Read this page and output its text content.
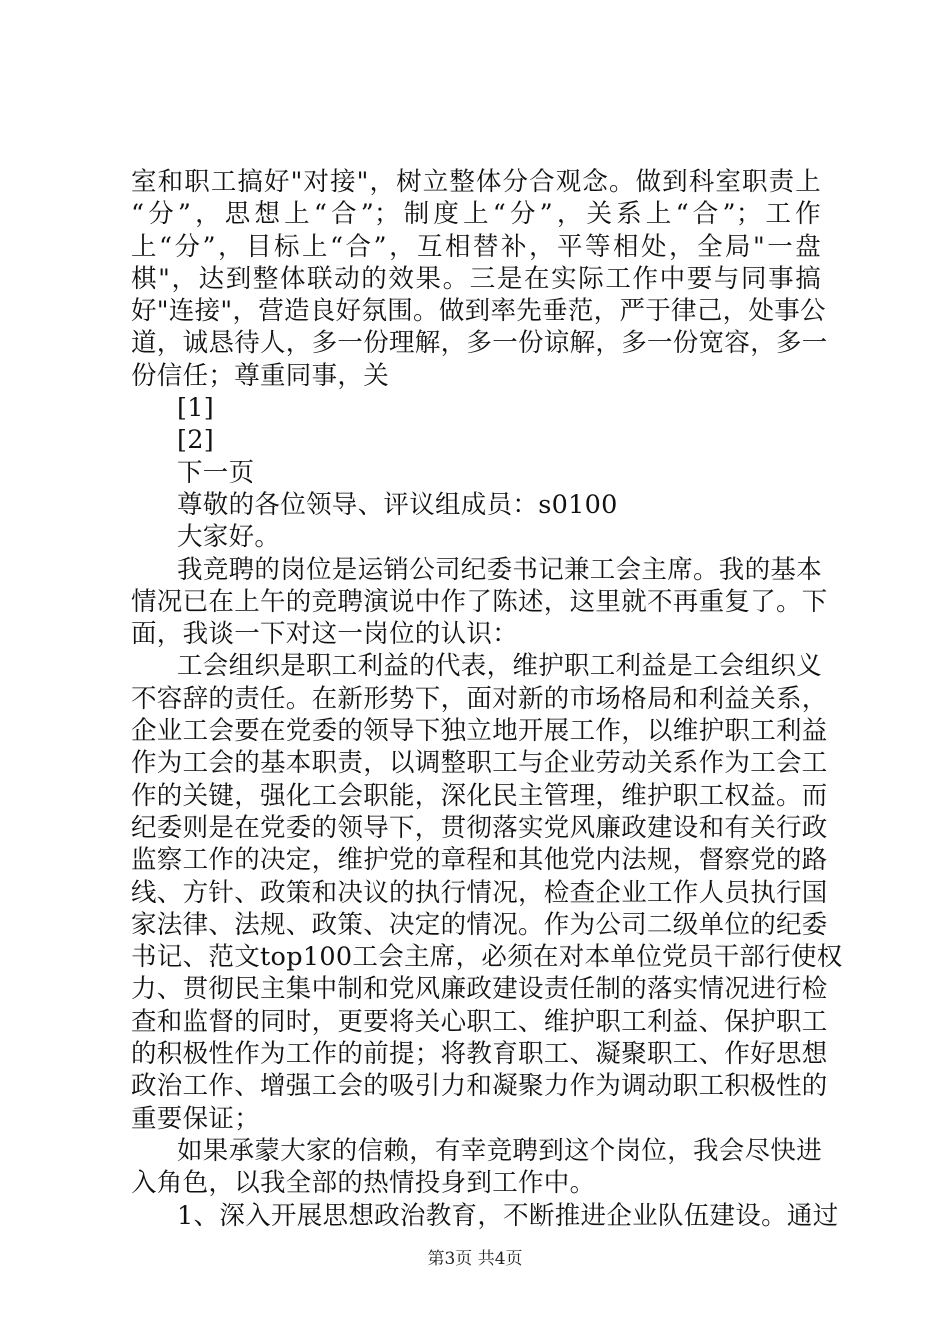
室和职工搞好"对接"，树立整体分合观念。做到科室职责上
“分”，思想上“合”；制度上“分”，关系上“合”；工作
上“分”，目标上“合”，互相替补，平等相处，全局"一盘
棋"，达到整体联动的效果。三是在实际工作中要与同事搞
好"连接"，营造良好氛围。做到率先垂范，严于律己，处事公
道，诚恳待人，多一份理解，多一份谅解，多一份宽容，多一
份信任；尊重同事，关
[1]
[2]
下一页
尊敬的各位领导、评议组成员：s0100
大家好。
我竞聘的岗位是运销公司纪委书记兼工会主席。我的基本
情况已在上午的竞聘演说中作了陈述，这里就不再重复了。下
面，我谈一下对这一岗位的认识：
工会组织是职工利益的代表，维护职工利益是工会组织义
不容辞的责任。在新形势下，面对新的市场格局和利益关系，
企业工会要在党委的领导下独立地开展工作，以维护职工利益
作为工会的基本职责，以调整职工与企业劳动关系作为工会工
作的关键，强化工会职能，深化民主管理，维护职工权益。而
纪委则是在党委的领导下，贯彻落实党风廉政建设和有关行政
监察工作的决定，维护党的章程和其他党内法规，督察党的路
线、方针、政策和决议的执行情况，检查企业工作人员执行国
家法律、法规、政策、决定的情况。作为公司二级单位的纪委
书记、范文top100工会主席，必须在对本单位党员干部行使权
力、贯彻民主集中制和党风廉政建设责任制的落实情况进行检
查和监督的同时，更要将关心职工、维护职工利益、保护职工
的积极性作为工作的前提；将教育职工、凝聚职工、作好思想
政治工作、增强工会的吸引力和凝聚力作为调动职工积极性的
重要保证；
如果承蒙大家的信赖，有幸竞聘到这个岗位，我会尽快进
入角色，以我全部的热情投身到工作中。
1、深入开展思想政治教育，不断推进企业队伍建设。通过
第3页 共4页
